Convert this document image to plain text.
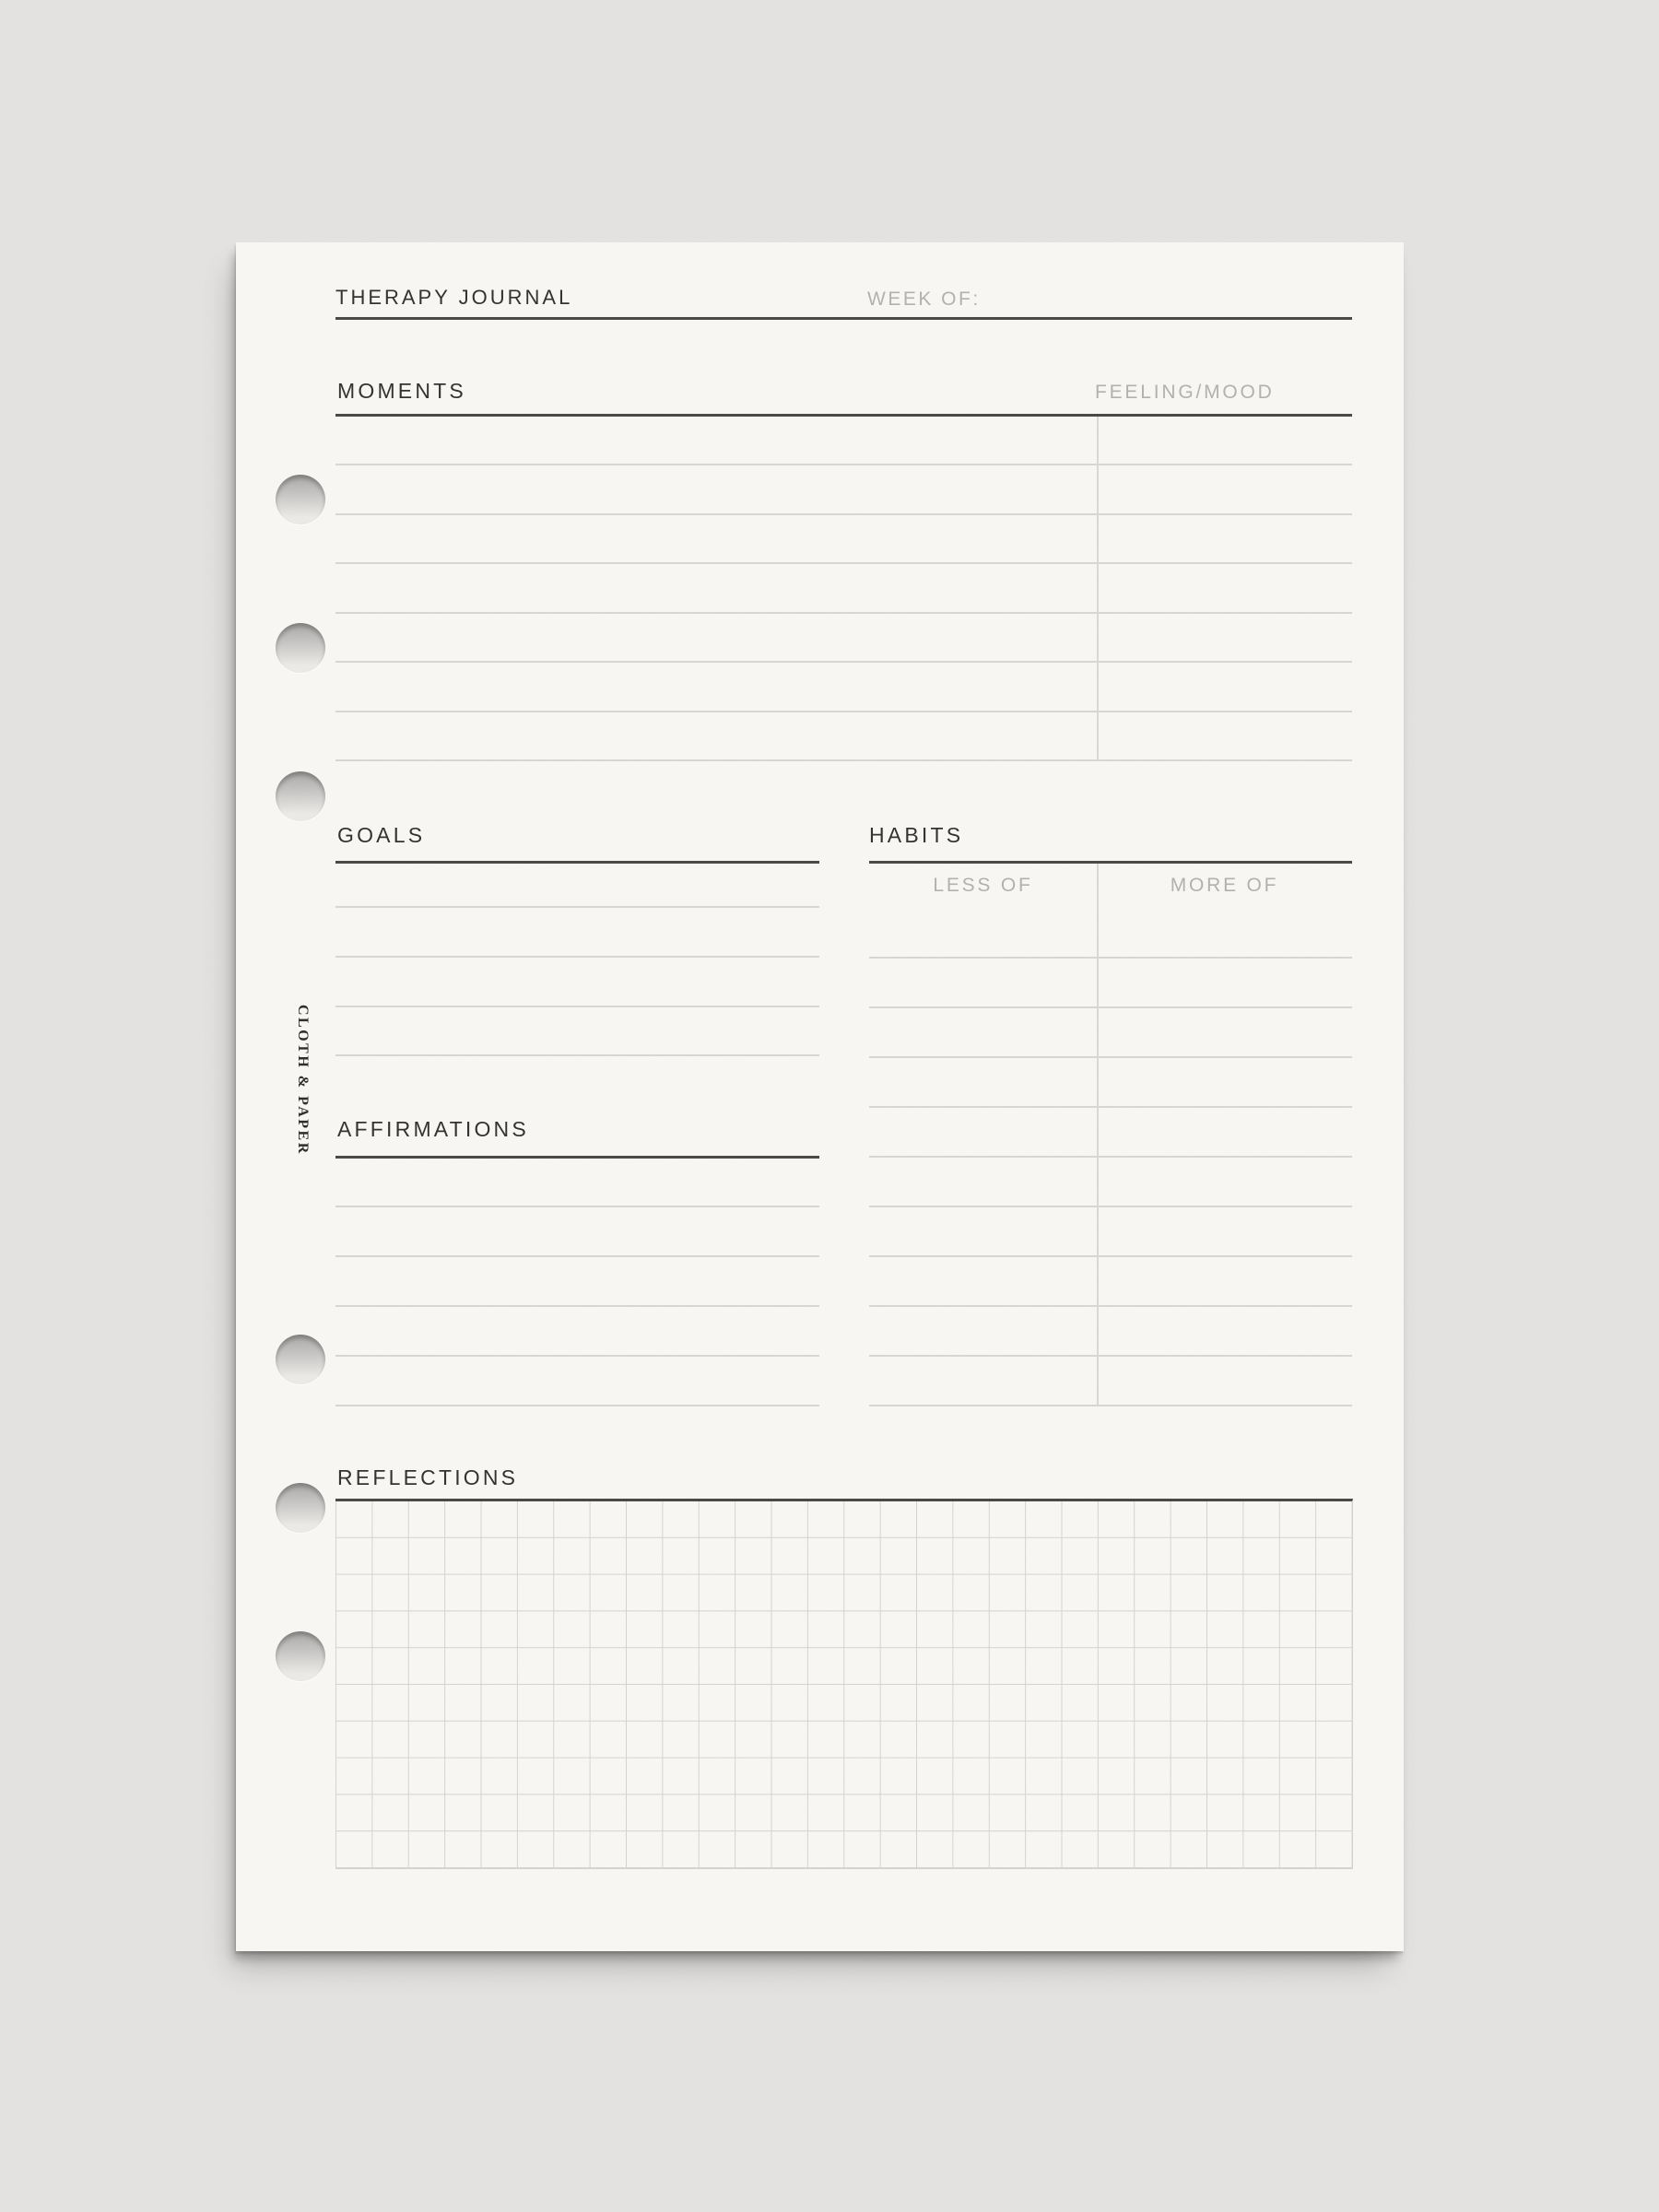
THERAPY JOURNAL	WEEK OF:
MOMENTS	FEELING/MOOD
GOALS	HABITS
LESS OF	MORE OF
AFFIRMATIONS
CLOTH & PAPER
REFLECTIONS
